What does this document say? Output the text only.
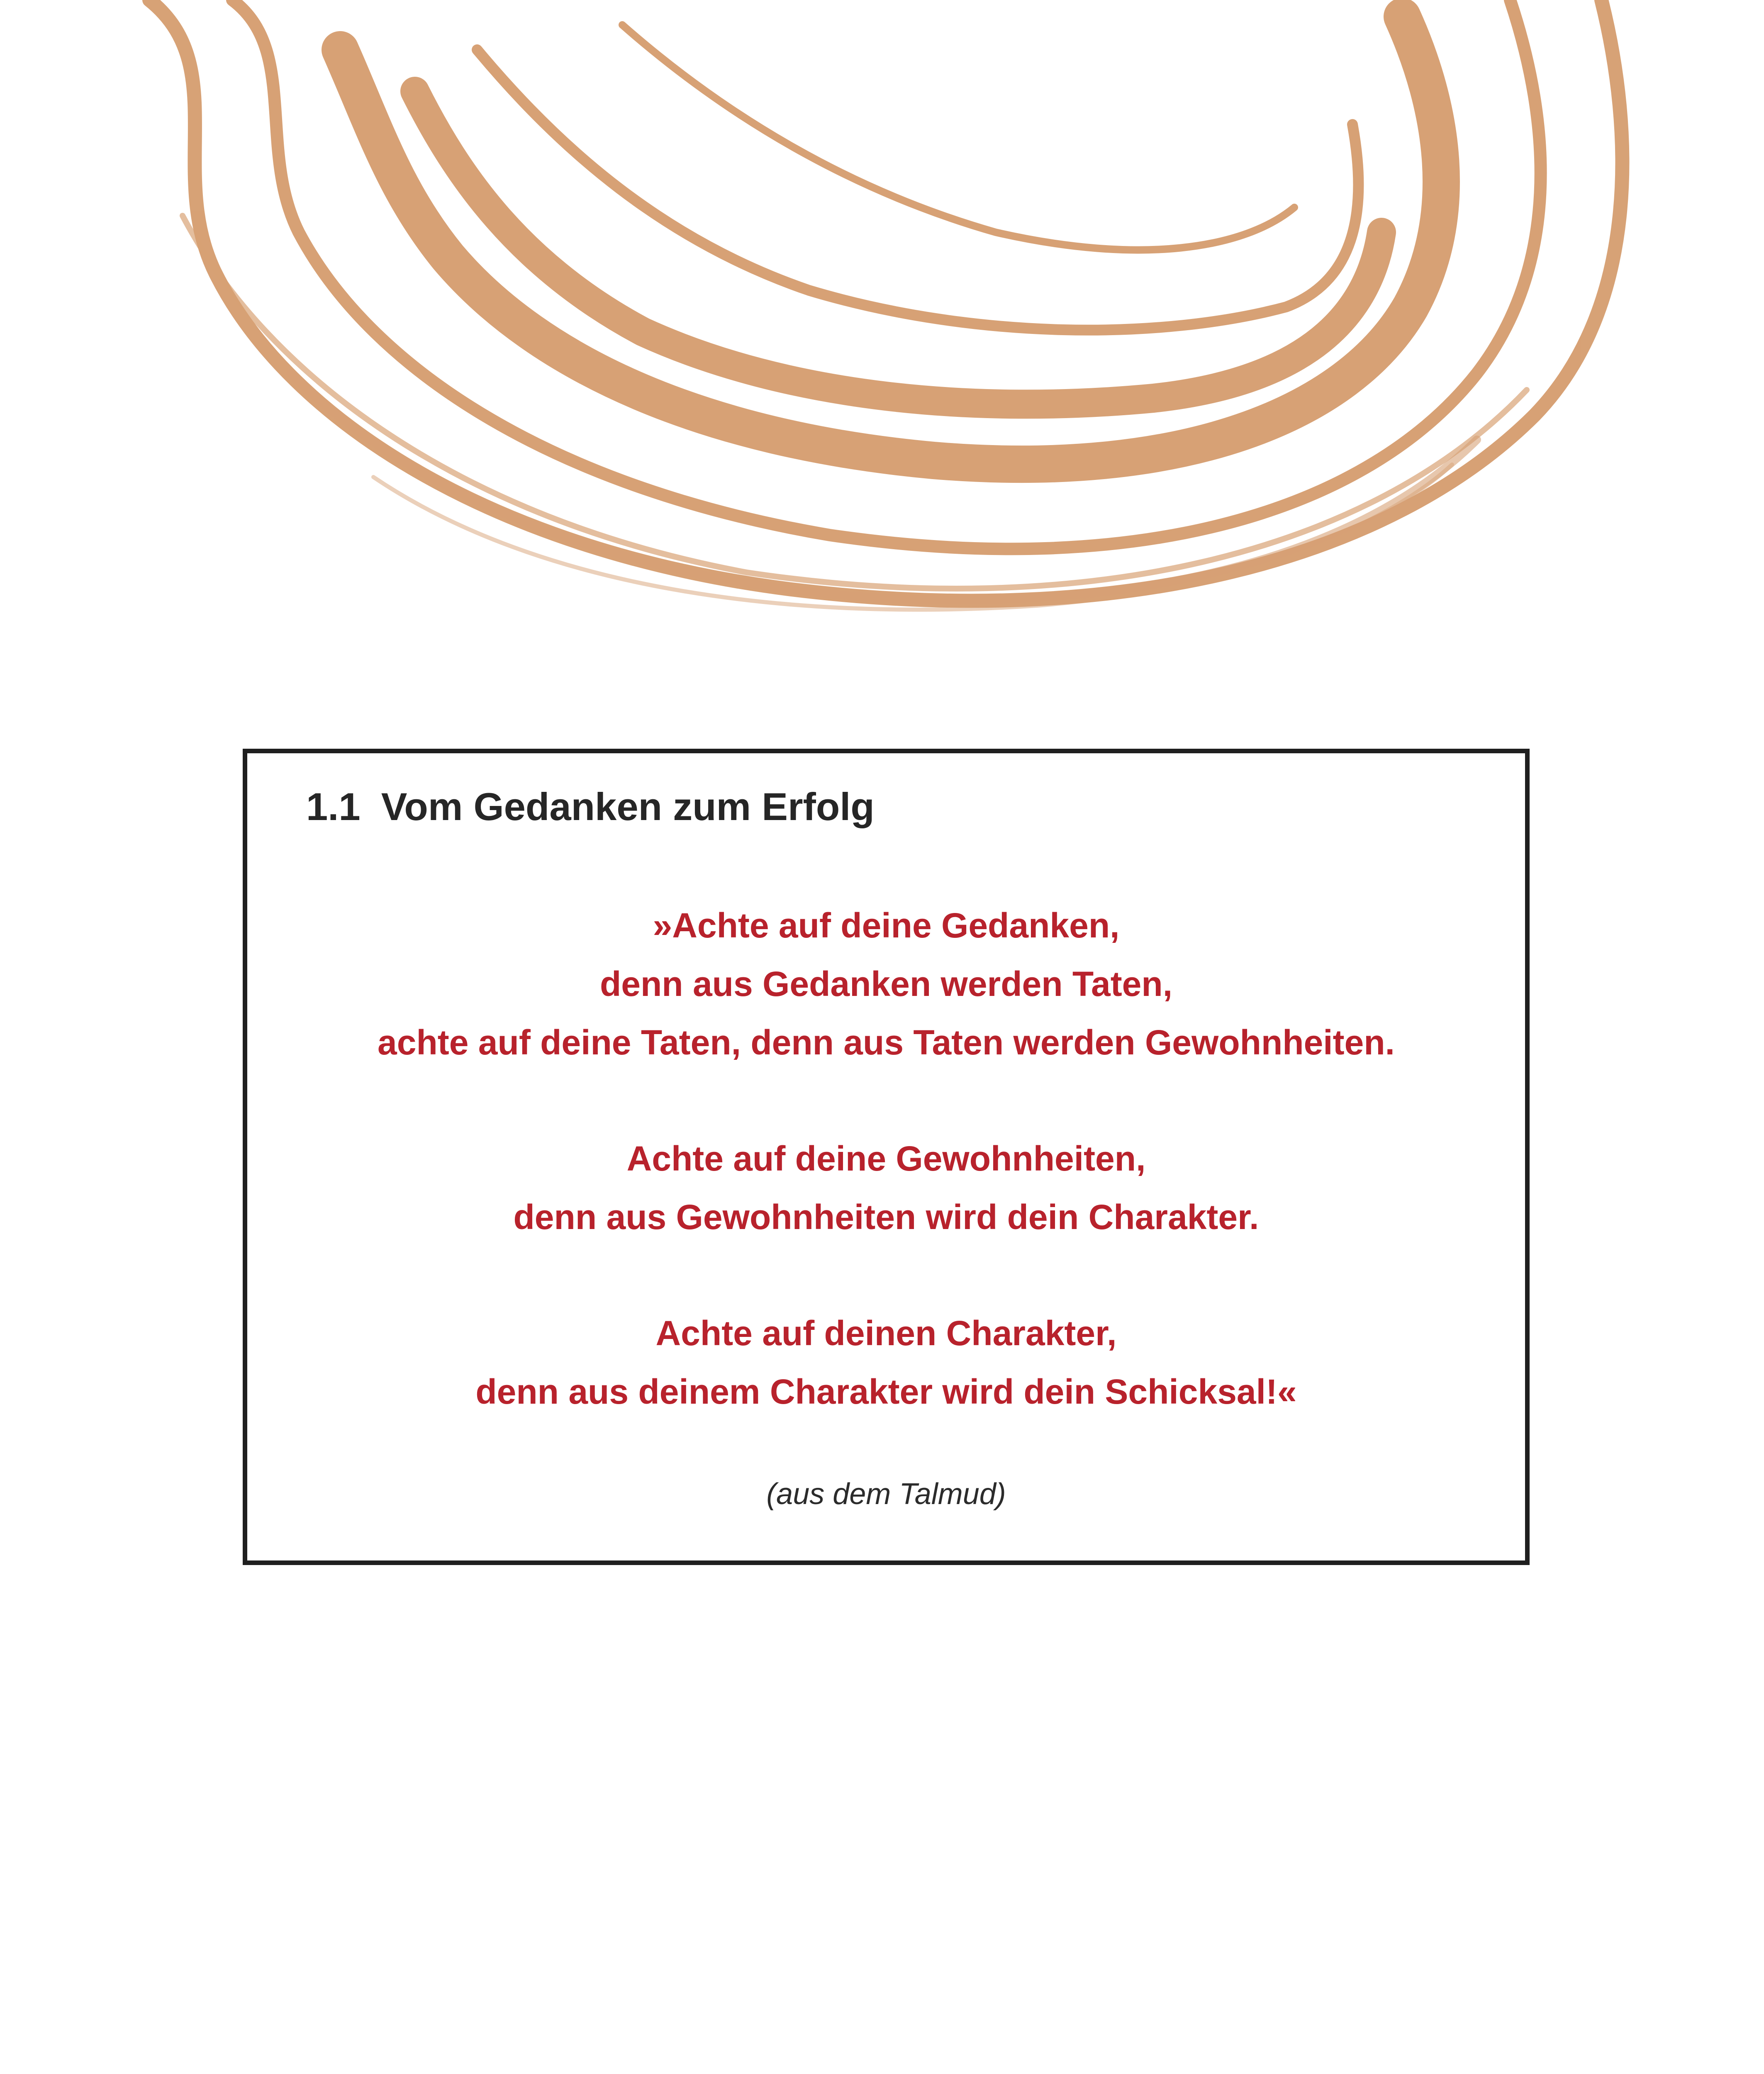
1.1 Vom Gedanken zum Erfolg

»Achte auf deine Gedanken,
denn aus Gedanken werden Taten,
achte auf deine Taten, denn aus Taten werden Gewohnheiten.

Achte auf deine Gewohnheiten,
denn aus Gewohnheiten wird dein Charakter.

Achte auf deinen Charakter,
denn aus deinem Charakter wird dein Schicksal!«

(aus dem Talmud)
